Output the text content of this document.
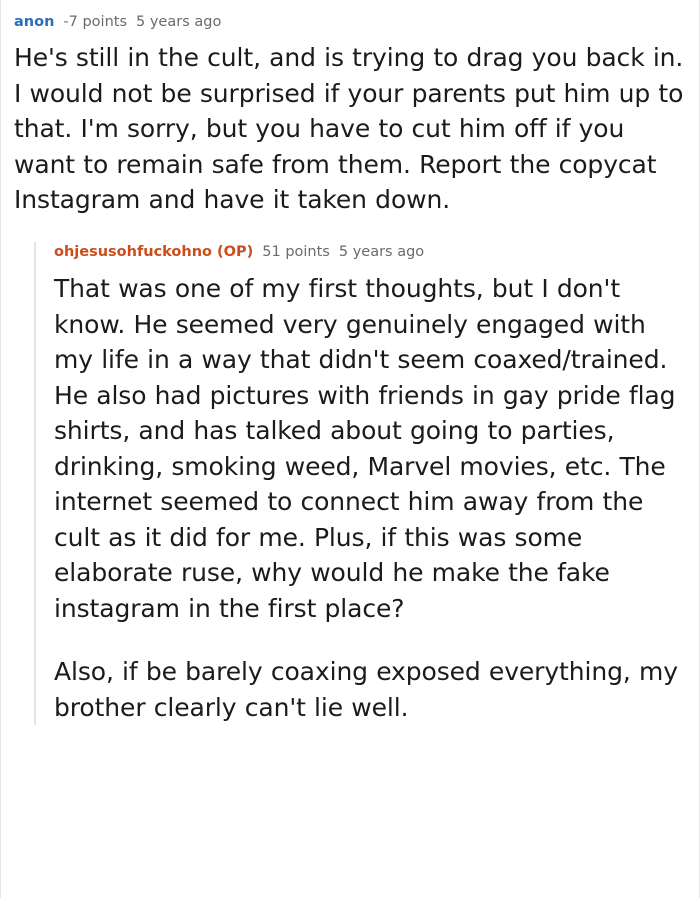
anon -7 points 5 years ago

He's still in the cult, and is trying to drag you back in. I would not be surprised if your parents put him up to that. I'm sorry, but you have to cut him off if you want to remain safe from them. Report the copycat Instagram and have it taken down.

ohjesusohfuckohno (OP) 51 points 5 years ago

That was one of my first thoughts, but I don't know. He seemed very genuinely engaged with my life in a way that didn't seem coaxed/trained. He also had pictures with friends in gay pride flag shirts, and has talked about going to parties, drinking, smoking weed, Marvel movies, etc. The internet seemed to connect him away from the cult as it did for me. Plus, if this was some elaborate ruse, why would he make the fake instagram in the first place?

Also, if be barely coaxing exposed everything, my brother clearly can't lie well.
